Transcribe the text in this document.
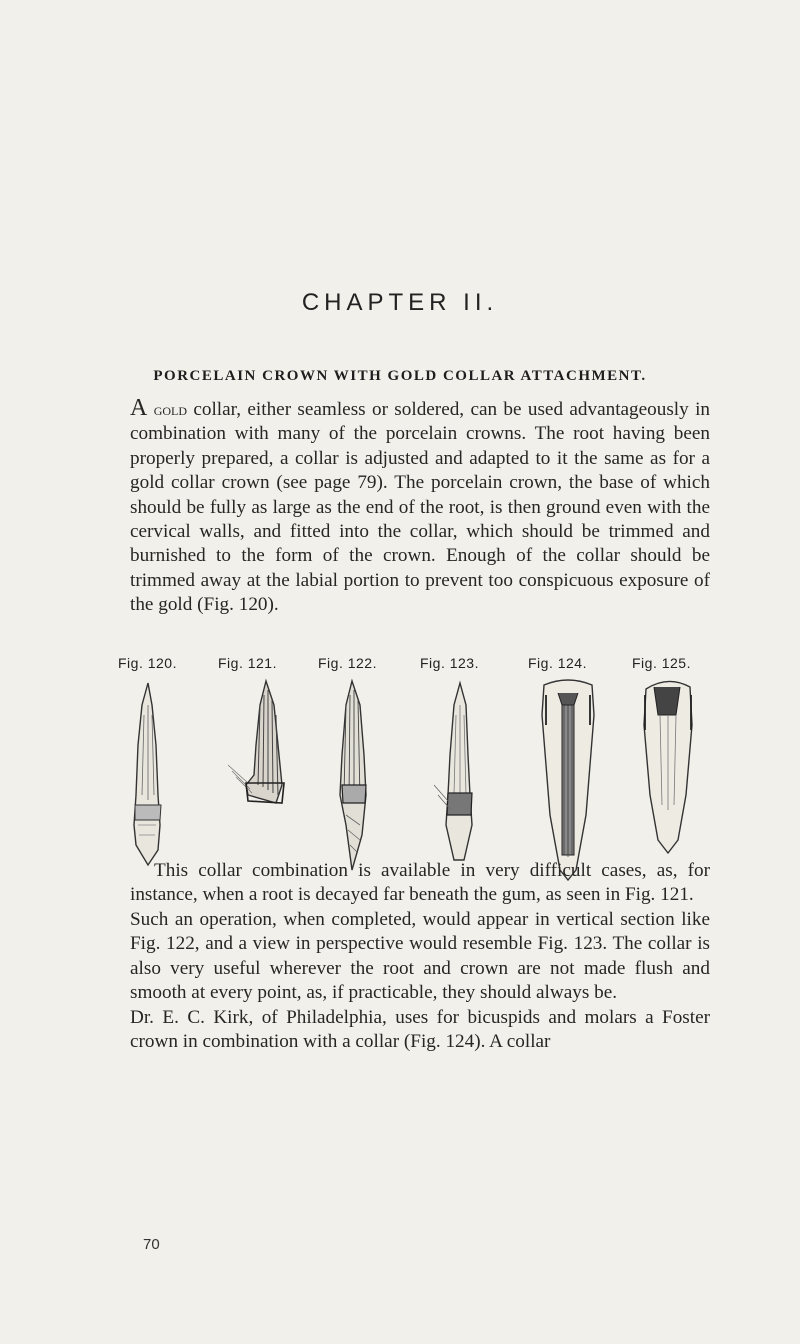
CHAPTER II.
PORCELAIN CROWN WITH GOLD COLLAR ATTACHMENT.

A gold collar, either seamless or soldered, can be used advantageously in combination with many of the porcelain crowns. The root having been properly prepared, a collar is adjusted and adapted to it the same as for a gold collar crown (see page 79). The porcelain crown, the base of which should be fully as large as the end of the root, is then ground even with the cervical walls, and fitted into the collar, which should be trimmed and burnished to the form of the crown. Enough of the collar should be trimmed away at the labial portion to prevent too conspicuous exposure of the gold (Fig. 120).

Fig. 120.	Fig. 121.	Fig. 122.	Fig. 123.	Fig. 124.	Fig. 125.

This collar combination is available in very difficult cases, as, for instance, when a root is decayed far beneath the gum, as seen in Fig. 121.

Such an operation, when completed, would appear in vertical section like Fig. 122, and a view in perspective would resemble Fig. 123. The collar is also very useful wherever the root and crown are not made flush and smooth at every point, as, if practicable, they should always be.

Dr. E. C. Kirk, of Philadelphia, uses for bicuspids and molars a Foster crown in combination with a collar (Fig. 124). A collar

70
